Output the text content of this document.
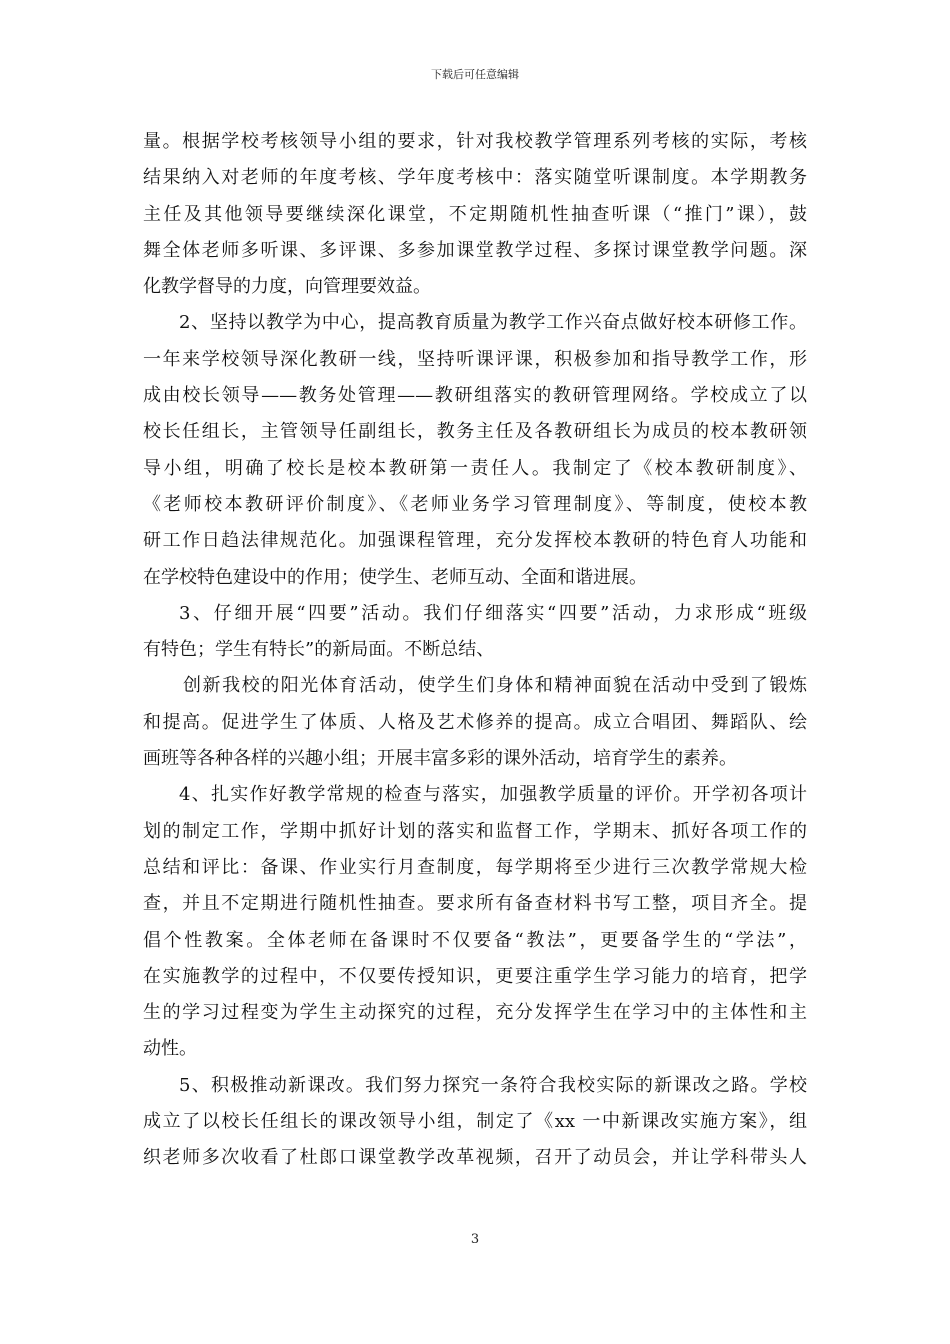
下载后可任意编辑
量。根据学校考核领导小组的要求，针对我校教学管理系列考核的实际，考核
结果纳入对老师的年度考核、学年度考核中：落实随堂听课制度。本学期教务
主任及其他领导要继续深化课堂，不定期随机性抽查听课（“推门”课），鼓
舞全体老师多听课、多评课、多参加课堂教学过程、多探讨课堂教学问题。深
化教学督导的力度，向管理要效益。
2、坚持以教学为中心，提高教育质量为教学工作兴奋点做好校本研修工作。
一年来学校领导深化教研一线，坚持听课评课，积极参加和指导教学工作，形
成由校长领导——教务处管理——教研组落实的教研管理网络。学校成立了以
校长任组长，主管领导任副组长，教务主任及各教研组长为成员的校本教研领
导小组，明确了校长是校本教研第一责任人。我制定了《校本教研制度》、
《老师校本教研评价制度》、《老师业务学习管理制度》、等制度，使校本教
研工作日趋法律规范化。加强课程管理，充分发挥校本教研的特色育人功能和
在学校特色建设中的作用；使学生、老师互动、全面和谐进展。
3、仔细开展“四要”活动。我们仔细落实“四要”活动，力求形成“班级
有特色；学生有特长”的新局面。不断总结、
创新我校的阳光体育活动，使学生们身体和精神面貌在活动中受到了锻炼
和提高。促进学生了体质、人格及艺术修养的提高。成立合唱团、舞蹈队、绘
画班等各种各样的兴趣小组；开展丰富多彩的课外活动，培育学生的素养。
4、扎实作好教学常规的检查与落实，加强教学质量的评价。开学初各项计
划的制定工作，学期中抓好计划的落实和监督工作，学期末、抓好各项工作的
总结和评比：备课、作业实行月查制度，每学期将至少进行三次教学常规大检
查，并且不定期进行随机性抽查。要求所有备查材料书写工整，项目齐全。提
倡个性教案。全体老师在备课时不仅要备“教法”，更要备学生的“学法”，
在实施教学的过程中，不仅要传授知识，更要注重学生学习能力的培育，把学
生的学习过程变为学生主动探究的过程，充分发挥学生在学习中的主体性和主
动性。
5、积极推动新课改。我们努力探究一条符合我校实际的新课改之路。学校
成立了以校长任组长的课改领导小组，制定了《xx 一中新课改实施方案》，组
织老师多次收看了杜郎口课堂教学改革视频，召开了动员会，并让学科带头人
3
